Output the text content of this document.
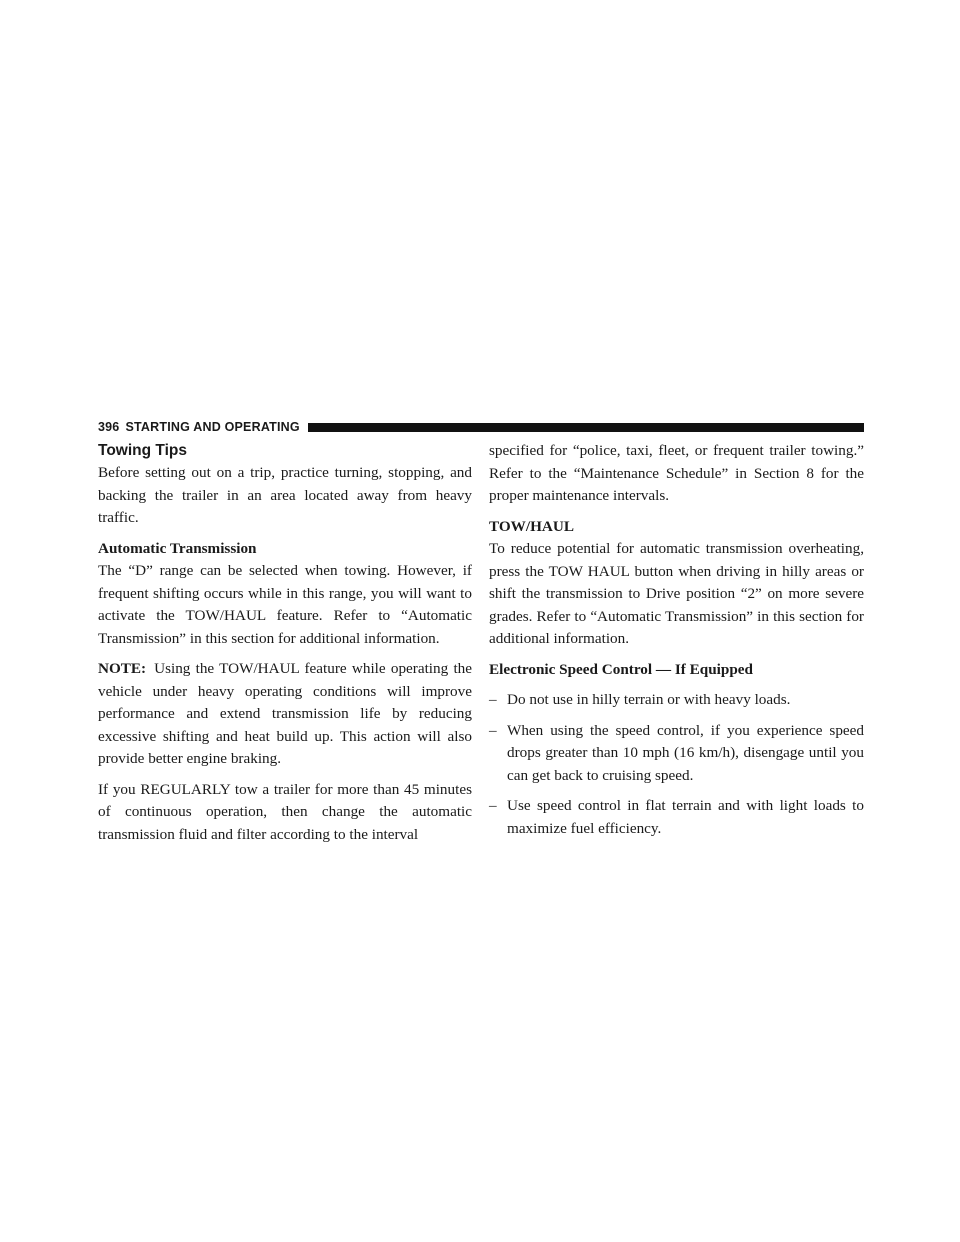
396 STARTING AND OPERATING
Towing Tips

Before setting out on a trip, practice turning, stopping, and backing the trailer in an area located away from heavy traffic.

Automatic Transmission

The “D” range can be selected when towing. However, if frequent shifting occurs while in this range, you will want to activate the TOW/HAUL feature. Refer to “Automatic Transmission” in this section for additional information.

NOTE: Using the TOW/HAUL feature while operating the vehicle under heavy operating conditions will improve performance and extend transmission life by reducing excessive shifting and heat build up. This action will also provide better engine braking.

If you REGULARLY tow a trailer for more than 45 minutes of continuous operation, then change the automatic transmission fluid and filter according to the interval

specified for “police, taxi, fleet, or frequent trailer towing.” Refer to the “Maintenance Schedule” in Section 8 for the proper maintenance intervals.

TOW/HAUL

To reduce potential for automatic transmission overheating, press the TOW HAUL button when driving in hilly areas or shift the transmission to Drive position “2” on more severe grades. Refer to “Automatic Transmission” in this section for additional information.

Electronic Speed Control — If Equipped
– Do not use in hilly terrain or with heavy loads.
– When using the speed control, if you experience speed drops greater than 10 mph (16 km/h), disengage until you can get back to cruising speed.
– Use speed control in flat terrain and with light loads to maximize fuel efficiency.
